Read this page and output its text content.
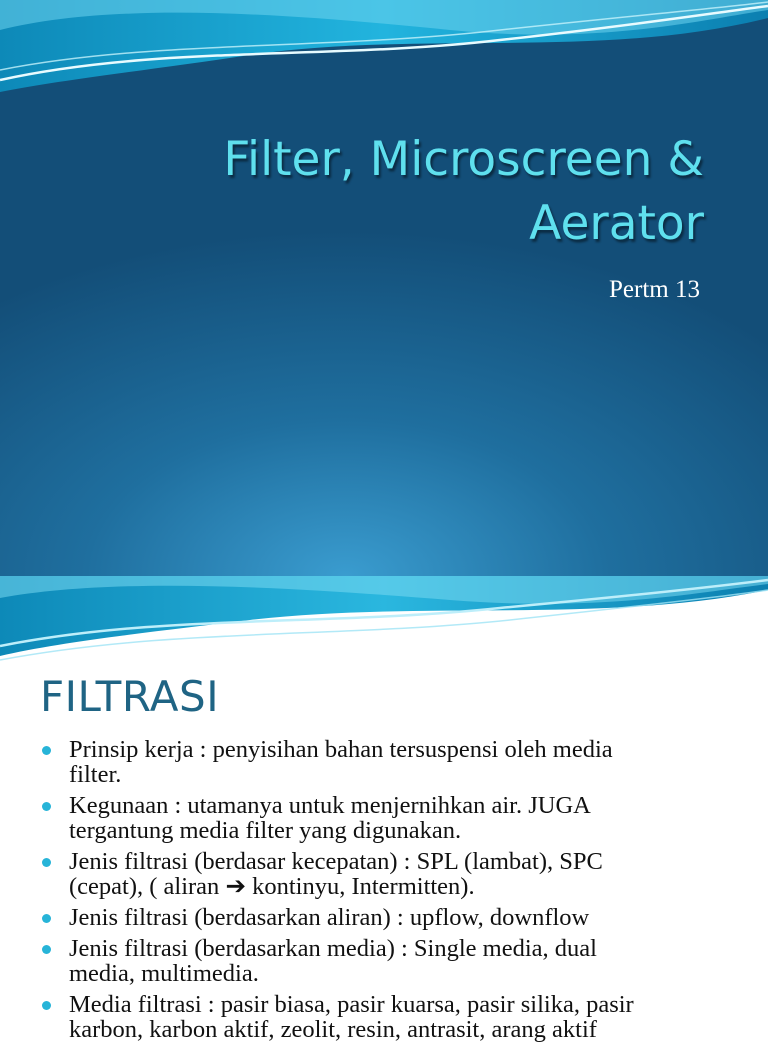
Filter, Microscreen &
Aerator
Pertm 13
FILTRASI
Prinsip kerja : penyisihan bahan tersuspensi oleh media
filter.
Kegunaan : utamanya untuk menjernihkan air. JUGA
tergantung media filter yang digunakan.
Jenis filtrasi (berdasar kecepatan) : SPL (lambat), SPC
(cepat), ( aliran ➔ kontinyu, Intermitten).
Jenis filtrasi (berdasarkan aliran) : upflow, downflow
Jenis filtrasi (berdasarkan media) : Single media, dual
media, multimedia.
Media filtrasi : pasir biasa, pasir kuarsa, pasir silika, pasir
karbon, karbon aktif, zeolit, resin, antrasit, arang aktif
